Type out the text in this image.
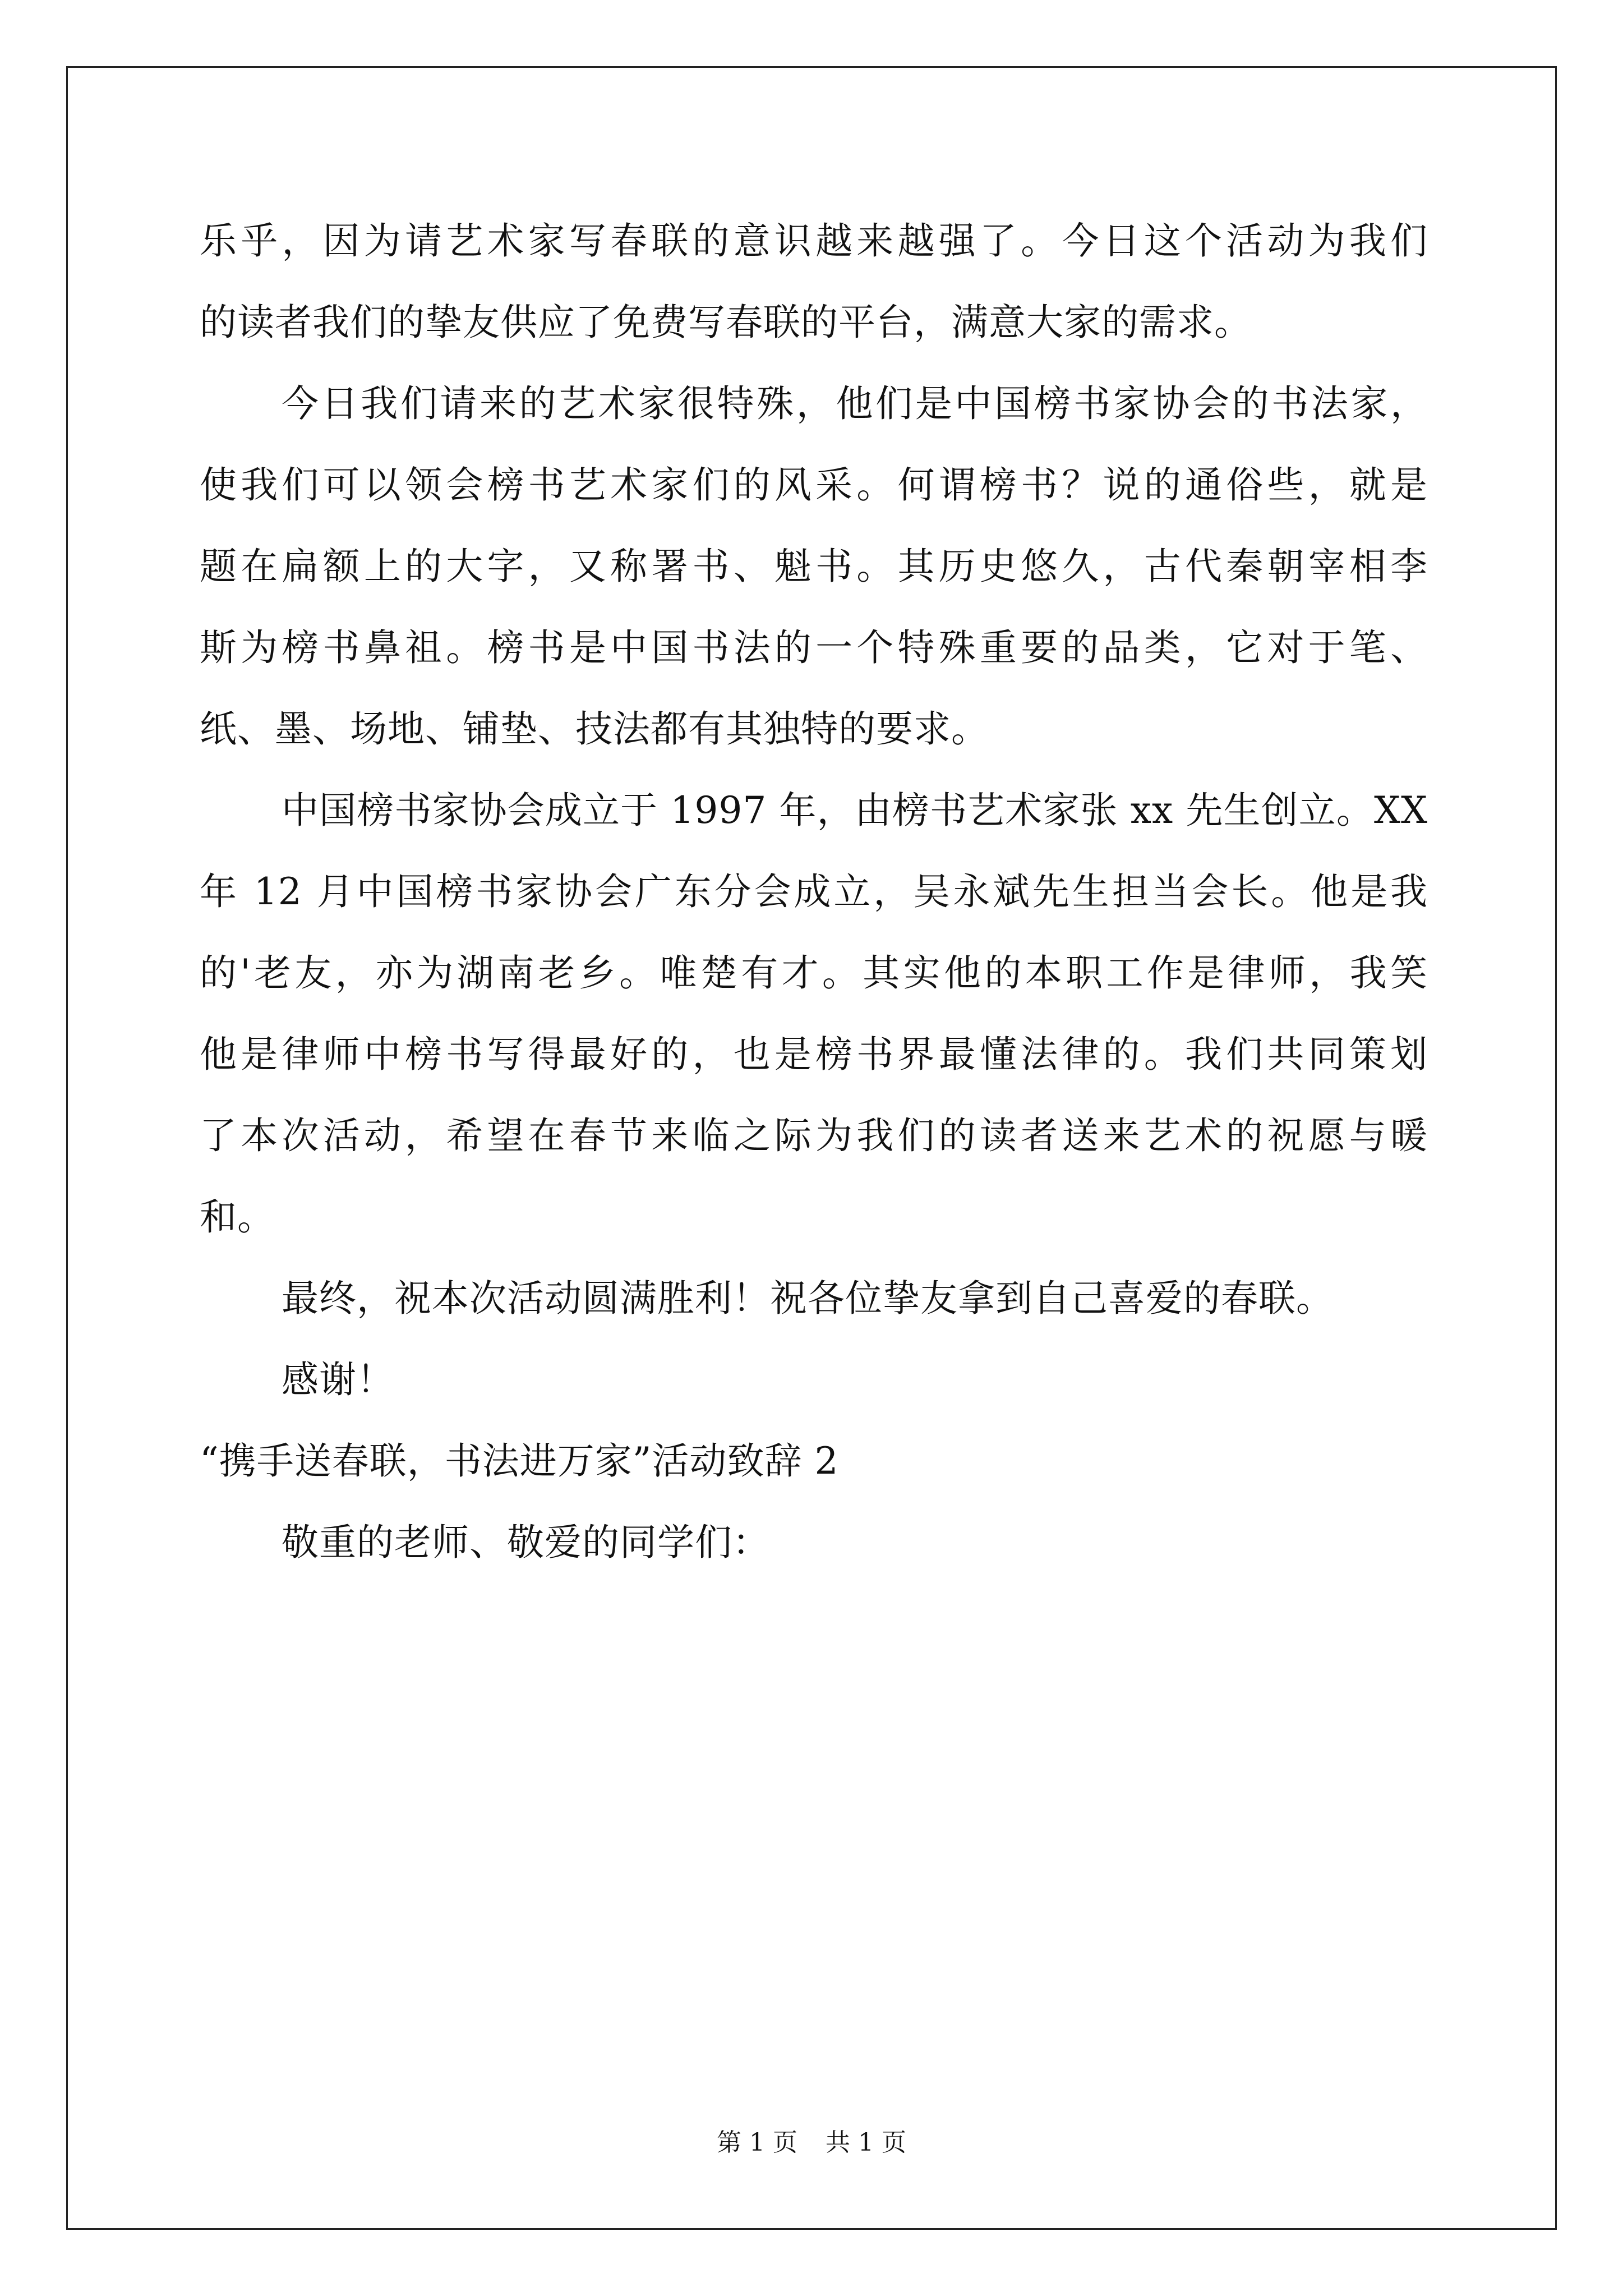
乐乎，因为请艺术家写春联的意识越来越强了。今日这个活动为我们
的读者我们的挚友供应了免费写春联的平台，满意大家的需求。
今日我们请来的艺术家很特殊，他们是中国榜书家协会的书法家，
使我们可以领会榜书艺术家们的风采。何谓榜书？说的通俗些，就是
题在扁额上的大字，又称署书、魁书。其历史悠久，古代秦朝宰相李
斯为榜书鼻祖。榜书是中国书法的一个特殊重要的品类，它对于笔、
纸、墨、场地、铺垫、技法都有其独特的要求。
中国榜书家协会成立于 1997 年，由榜书艺术家张 xx 先生创立。XX
年 12 月中国榜书家协会广东分会成立，吴永斌先生担当会长。他是我
的'老友，亦为湖南老乡。唯楚有才。其实他的本职工作是律师，我笑
他是律师中榜书写得最好的，也是榜书界最懂法律的。我们共同策划
了本次活动，希望在春节来临之际为我们的读者送来艺术的祝愿与暖
和。
最终，祝本次活动圆满胜利！祝各位挚友拿到自己喜爱的春联。
感谢！
“携手送春联，书法进万家”活动致辞 2
敬重的老师、敬爱的同学们：
第 1 页 共 1 页
